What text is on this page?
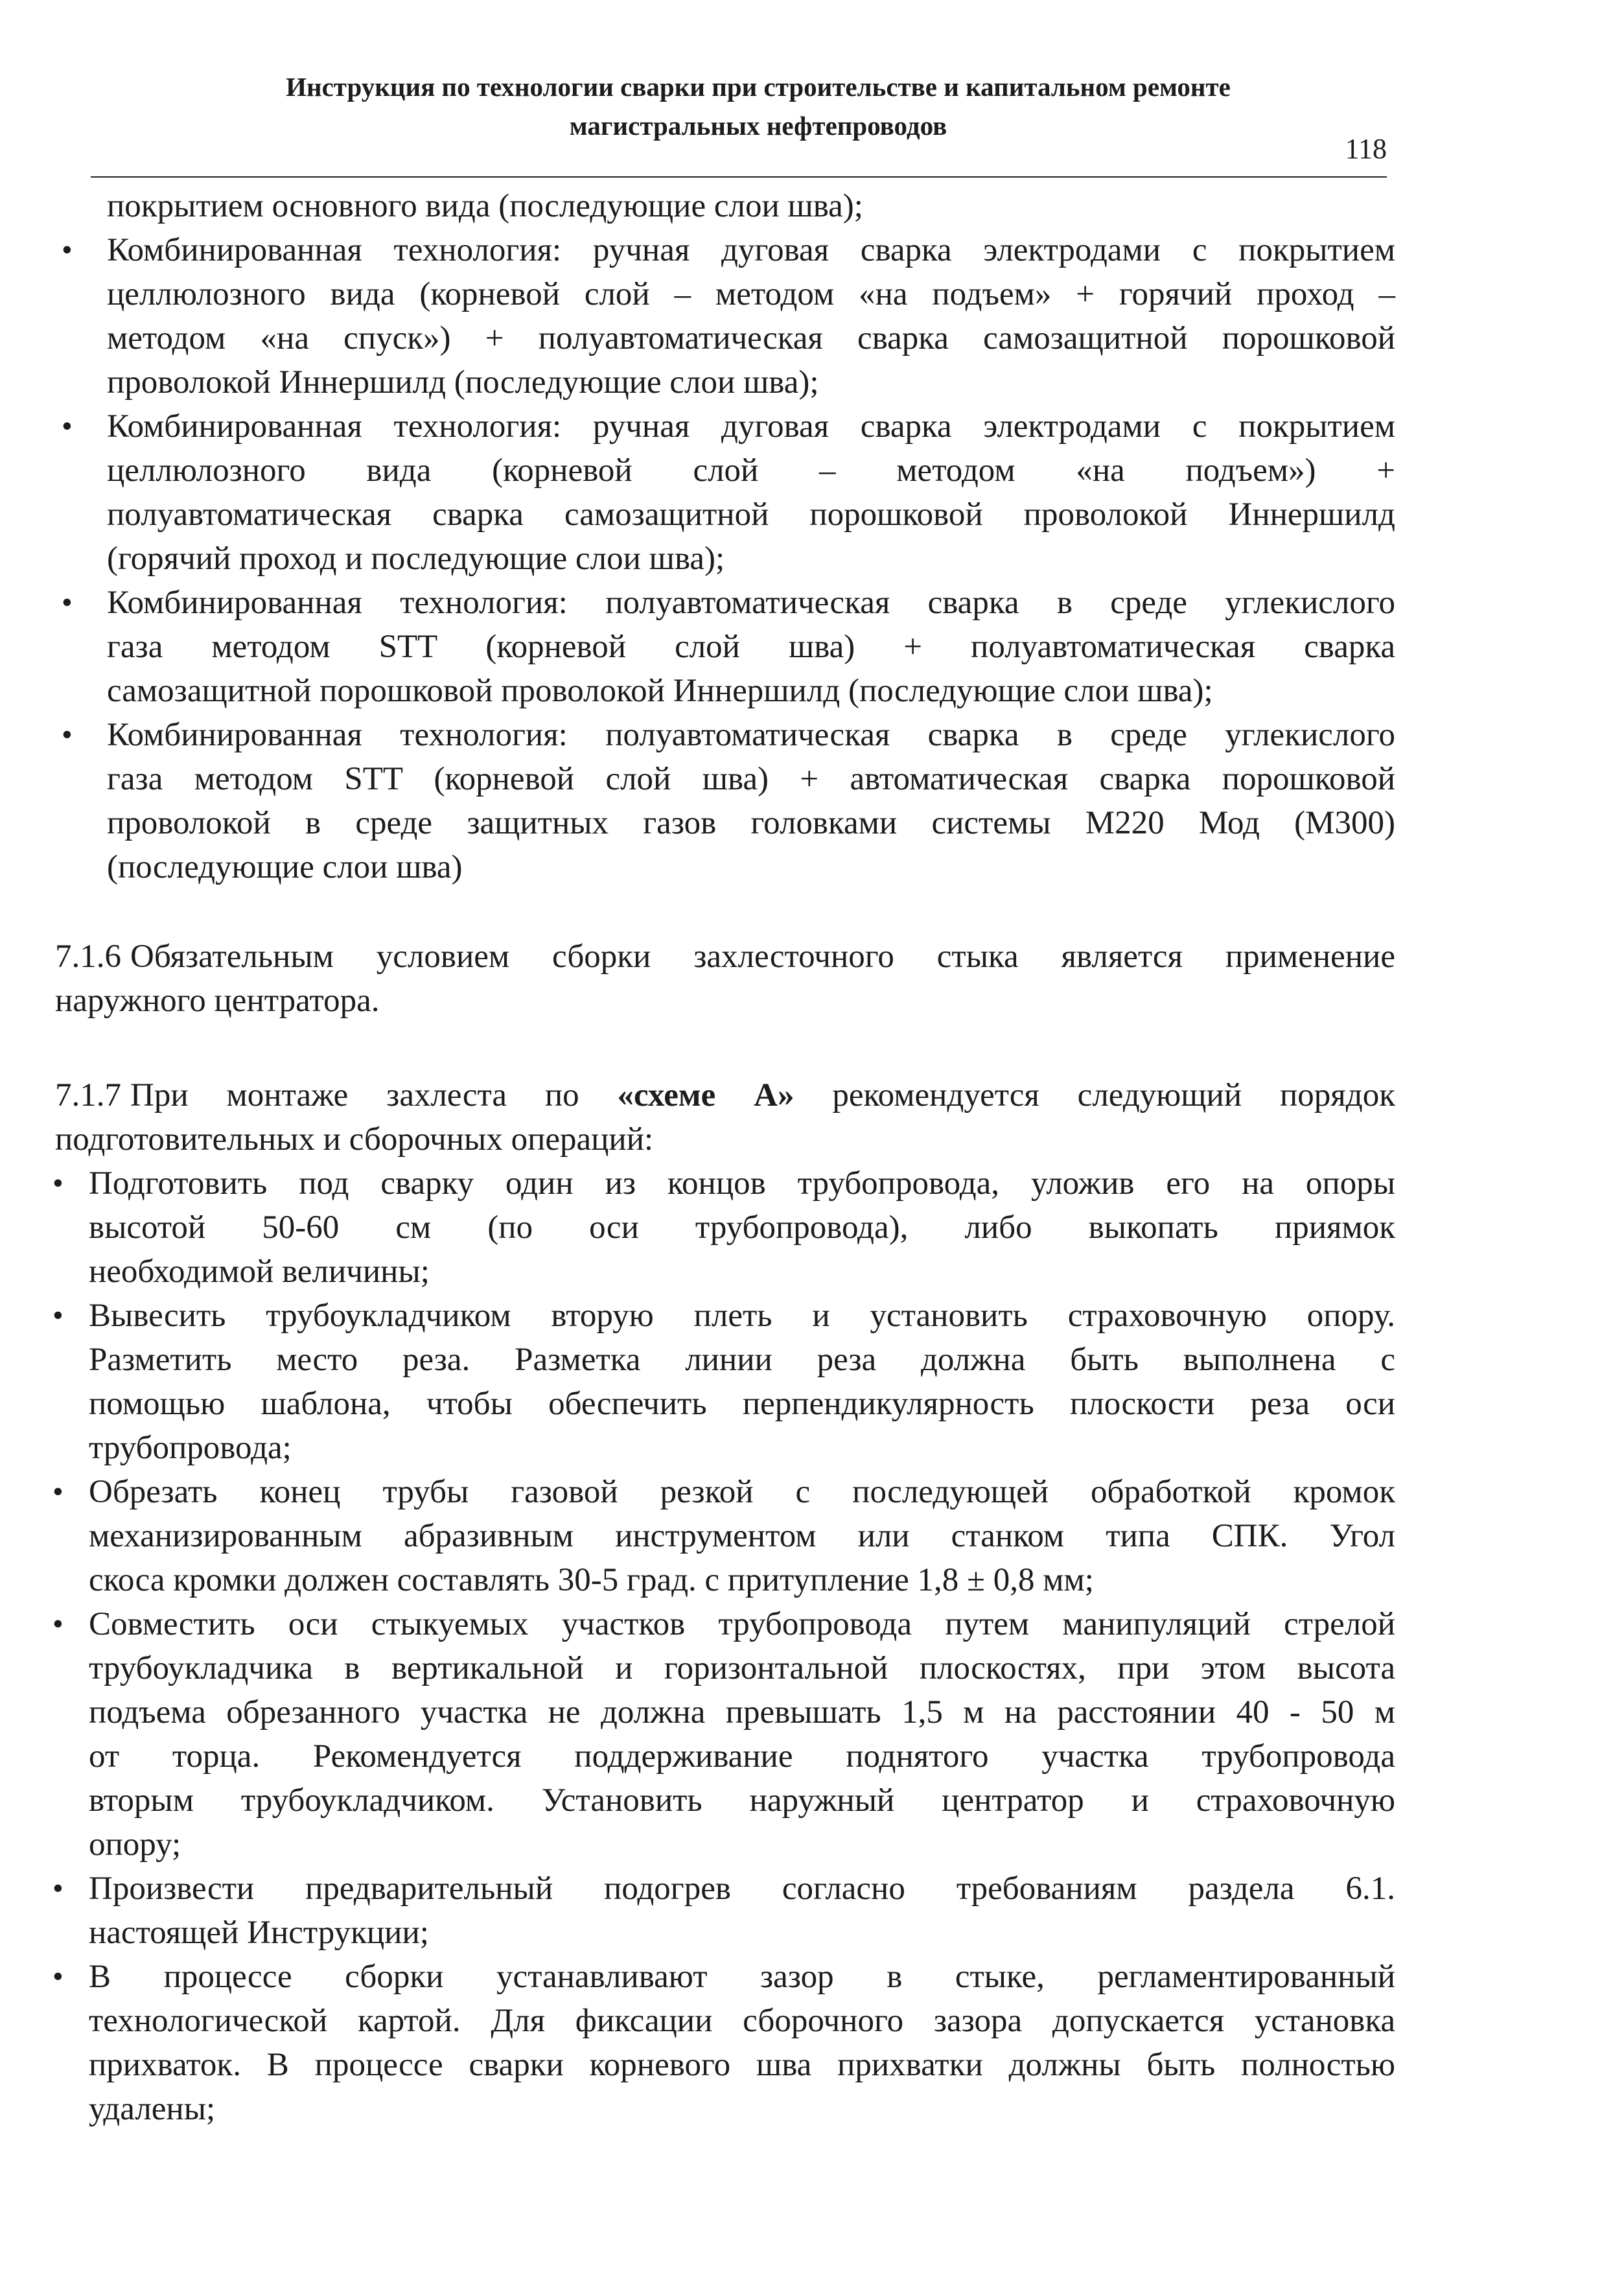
Инструкция по технологии сварки при строительстве и капитальном ремонте
магистральных нефтепроводов
118

покрытием основного вида (последующие слои шва);

• Комбинированная технология: ручная дуговая сварка электродами с покрытием

целлюлозного вида (корневой слой – методом «на подъем» + горячий проход –

методом «на спуск») + полуавтоматическая сварка самозащитной порошковой

проволокой Иннершилд (последующие слои шва);

• Комбинированная технология: ручная дуговая сварка электродами с покрытием

целлюлозного вида (корневой слой – методом «на подъем») +

полуавтоматическая сварка самозащитной порошковой проволокой Иннершилд

(горячий проход и последующие слои шва);

• Комбинированная технология: полуавтоматическая сварка в среде углекислого

газа методом STT (корневой слой шва) + полуавтоматическая сварка

самозащитной порошковой проволокой Иннершилд (последующие слои шва);

• Комбинированная технология: полуавтоматическая сварка в среде углекислого

газа методом STT (корневой слой шва) + автоматическая сварка порошковой

проволокой в среде защитных газов головками системы M220 Мод (M300)

(последующие слои шва)

7.1.6 Обязательным условием сборки захлесточного стыка является применение

наружного центратора.

7.1.7 При монтаже захлеста по «схеме А» рекомендуется следующий порядок

подготовительных и сборочных операций:

• Подготовить под сварку один из концов трубопровода, уложив его на опоры

высотой 50-60 см (по оси трубопровода), либо выкопать приямок

необходимой величины;

• Вывесить трубоукладчиком вторую плеть и установить страховочную опору.

Разметить место реза. Разметка линии реза должна быть выполнена с

помощью шаблона, чтобы обеспечить перпендикулярность плоскости реза оси

трубопровода;

• Обрезать конец трубы газовой резкой с последующей обработкой кромок

механизированным абразивным инструментом или станком типа СПК. Угол

скоса кромки должен составлять 30-5 град. с притупление 1,8 ± 0,8 мм;

• Совместить оси стыкуемых участков трубопровода путем манипуляций стрелой

трубоукладчика в вертикальной и горизонтальной плоскостях, при этом высота

подъема обрезанного участка не должна превышать 1,5 м на расстоянии 40 - 50 м

от торца. Рекомендуется поддерживание поднятого участка трубопровода

вторым трубоукладчиком. Установить наружный центратор и страховочную

опору;

• Произвести предварительный подогрев согласно требованиям раздела 6.1.

настоящей Инструкции;

• В процессе сборки устанавливают зазор в стыке, регламентированный

технологической картой. Для фиксации сборочного зазора допускается установка

прихваток. В процессе сварки корневого шва прихватки должны быть полностью

удалены;
